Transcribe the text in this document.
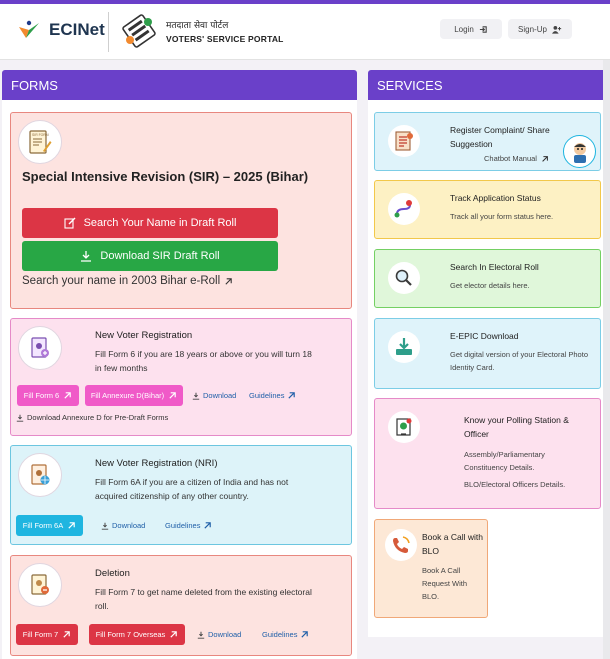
ECINet	मतदाता सेवा पोर्टल
VOTERS' SERVICE PORTAL
Login	Sign-Up
FORMS
SIR FORM
Special Intensive Revision (SIR) – 2025 (Bihar)
Search Your Name in Draft Roll
Download SIR Draft Roll
Search your name in 2003 Bihar e-Roll
New Voter Registration
Fill Form 6 if you are 18 years or above or you will turn 18 in few months
Fill Form 6	Fill Annexure D(Bihar)	Download Guidelines
Download Annexure D for Pre-Draft Forms
New Voter Registration (NRI)
Fill Form 6A if you are a citizen of India and has not acquired citizenship of any other country.
Fill Form 6A	Download	Guidelines
Deletion
Fill Form 7 to get name deleted from the existing electoral roll.
Fill Form 7	Fill Form 7 Overseas	Download	Guidelines
SERVICES
Register Complaint/ Share Suggestion
Chatbot Manual
Track Application Status
Track all your form status here.
Search In Electoral Roll
Get elector details here.
E-EPIC Download
Get digital version of your Electoral Photo Identity Card.
Know your Polling Station & Officer
Assembly/Parliamentary Constituency Details.
BLO/Electoral Officers Details.
Book a Call with BLO
Book A Call Request With BLO.
